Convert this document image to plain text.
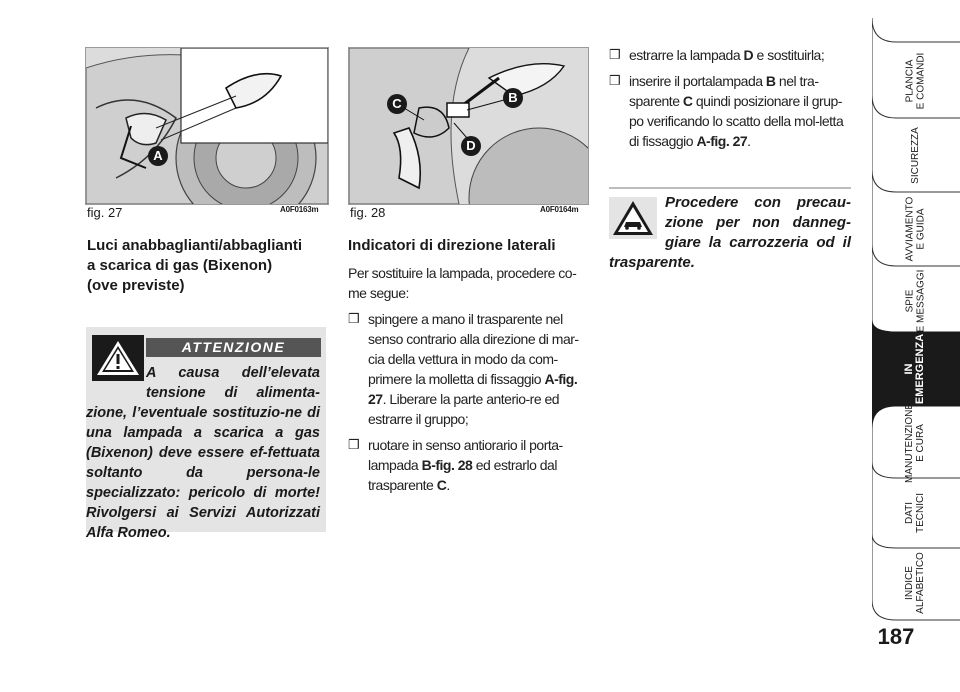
A
fig. 27	A0F0163m
C	B
D
fig. 28	A0F0164m
Luci anabbaglianti/abbaglianti
a scarica di gas (Bixenon)
(ove previste)
ATTENZIONE
A causa dell’elevata tensione di alimenta-zione, l’eventuale sostituzio-ne di una lampada a scarica a gas (Bixenon) deve essere ef-fettuata soltanto da persona-le specializzato: pericolo di morte! Rivolgersi ai Servizi Autorizzati Alfa Romeo.
Indicatori di direzione laterali

Per sostituire la lampada, procedere co-me segue:

❒ spingere a mano il trasparente nel senso contrario alla direzione di mar-cia della vettura in modo da com-primere la molletta di fissaggio A-fig. 27. Liberare la parte anterio-re ed estrarre il gruppo;
❒ ruotare in senso antiorario il porta-lampada B-fig. 28 ed estrarlo dal trasparente C.
❒ estrarre la lampada D e sostituirla;
❒ inserire il portalampada B nel tra-sparente C quindi posizionare il grup-po verificando lo scatto della mol-letta di fissaggio A-fig. 27.
Procedere con precau-zione per non danneg-giare la carrozzeria od il trasparente.
PLANCIA
E COMANDI
SICUREZZA
AVVIAMENTO
E GUIDA
SPIE
E MESSAGGI
IN
EMERGENZA
MANUTENZIONE
E CURA
DATI
TECNICI
INDICE
ALFABETICO
187
